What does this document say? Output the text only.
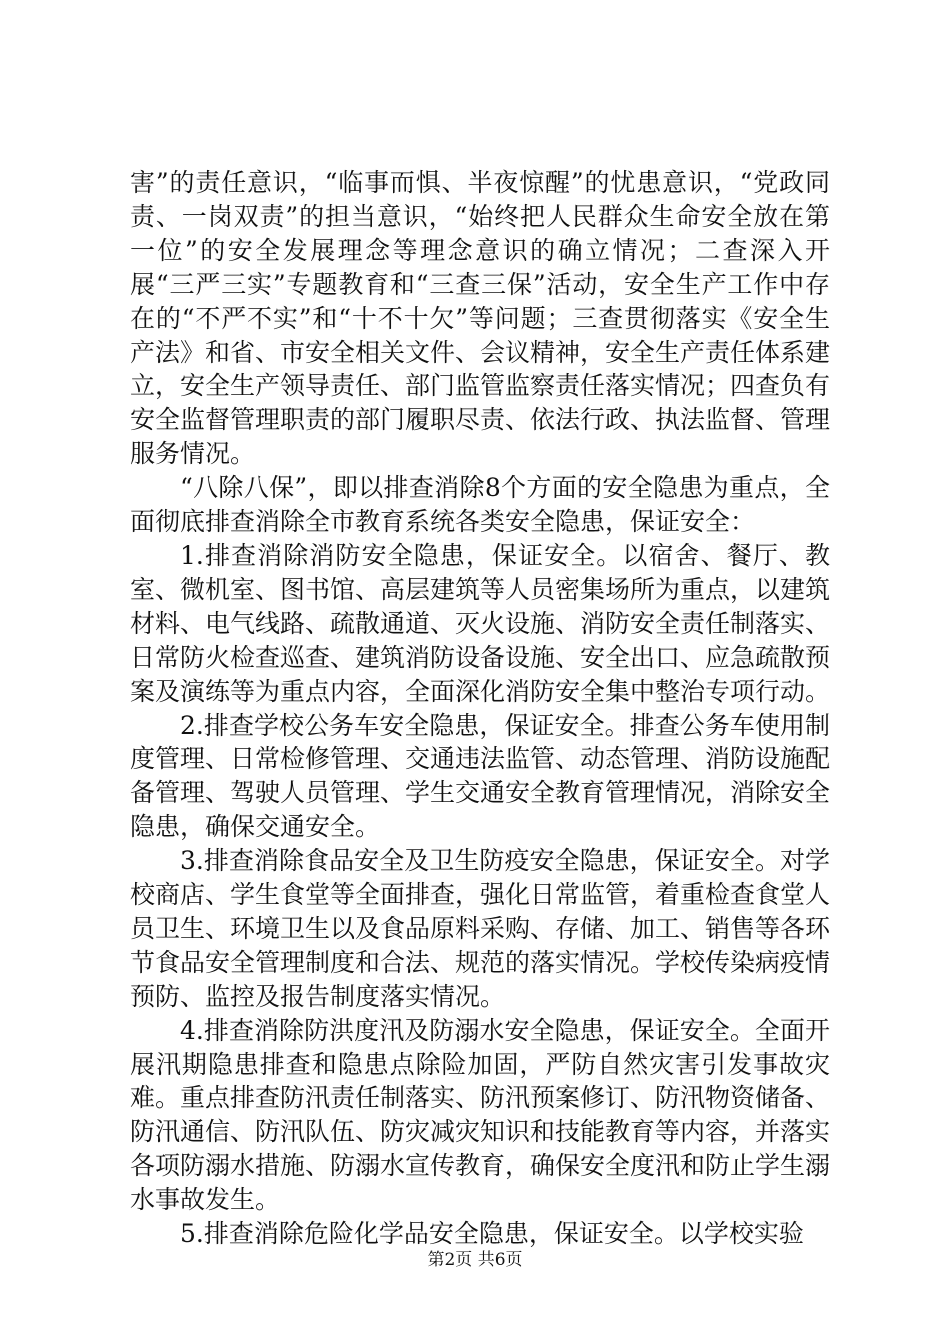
害”的责任意识，“临事而惧、半夜惊醒”的忧患意识，“党政同责、一岗双责”的担当意识，“始终把人民群众生命安全放在第一位”的安全发展理念等理念意识的确立情况；二查深入开展“三严三实”专题教育和“三查三保”活动，安全生产工作中存在的“不严不实”和“十不十欠”等问题；三查贯彻落实《安全生产法》和省、市安全相关文件、会议精神，安全生产责任体系建立，安全生产领导责任、部门监管监察责任落实情况；四查负有安全监督管理职责的部门履职尽责、依法行政、执法监督、管理服务情况。

“八除八保”，即以排查消除8个方面的安全隐患为重点，全面彻底排查消除全市教育系统各类安全隐患，保证安全：

1.排查消除消防安全隐患，保证安全。以宿舍、餐厅、教室、微机室、图书馆、高层建筑等人员密集场所为重点，以建筑材料、电气线路、疏散通道、灭火设施、消防安全责任制落实、日常防火检查巡查、建筑消防设备设施、安全出口、应急疏散预案及演练等为重点内容，全面深化消防安全集中整治专项行动。

2.排查学校公务车安全隐患，保证安全。排查公务车使用制度管理、日常检修管理、交通违法监管、动态管理、消防设施配备管理、驾驶人员管理、学生交通安全教育管理情况，消除安全隐患，确保交通安全。

3.排查消除食品安全及卫生防疫安全隐患，保证安全。对学校商店、学生食堂等全面排查，强化日常监管，着重检查食堂人员卫生、环境卫生以及食品原料采购、存储、加工、销售等各环节食品安全管理制度和合法、规范的落实情况。学校传染病疫情预防、监控及报告制度落实情况。

4.排查消除防洪度汛及防溺水安全隐患，保证安全。全面开展汛期隐患排查和隐患点除险加固，严防自然灾害引发事故灾难。重点排查防汛责任制落实、防汛预案修订、防汛物资储备、防汛通信、防汛队伍、防灾减灾知识和技能教育等内容，并落实各项防溺水措施、防溺水宣传教育，确保安全度汛和防止学生溺水事故发生。

5.排查消除危险化学品安全隐患，保证安全。以学校实验

第2页 共6页
